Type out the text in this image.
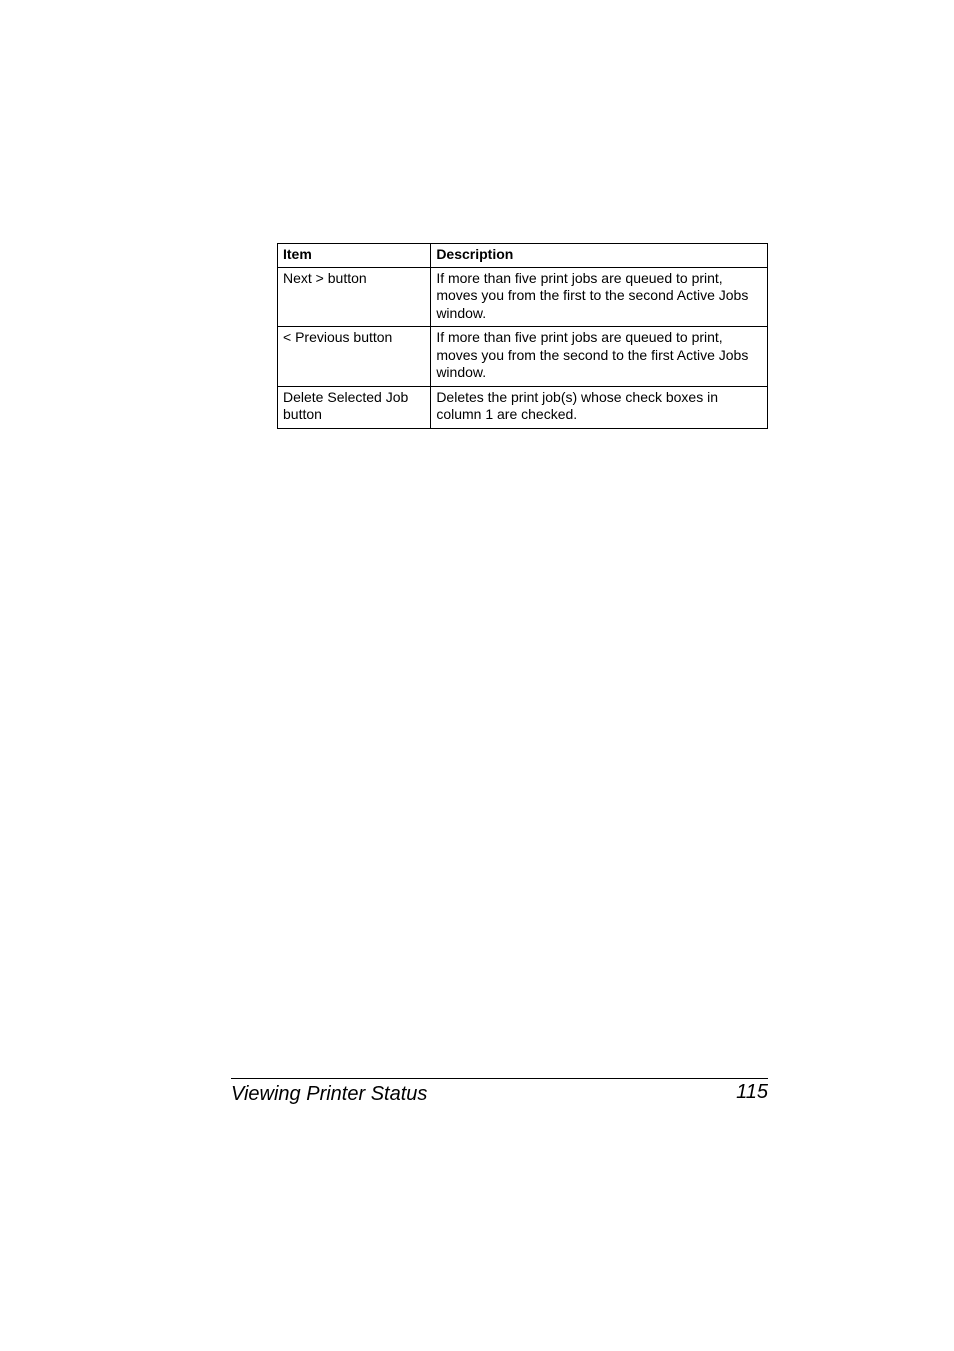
Item	Description
Next > button	If more than five print jobs are queued to print, moves you from the first to the second Active Jobs window.
< Previous button	If more than five print jobs are queued to print, moves you from the second to the first Active Jobs window.
Delete Selected Job button	Deletes the print job(s) whose check boxes in column 1 are checked.
Viewing Printer Status	115
